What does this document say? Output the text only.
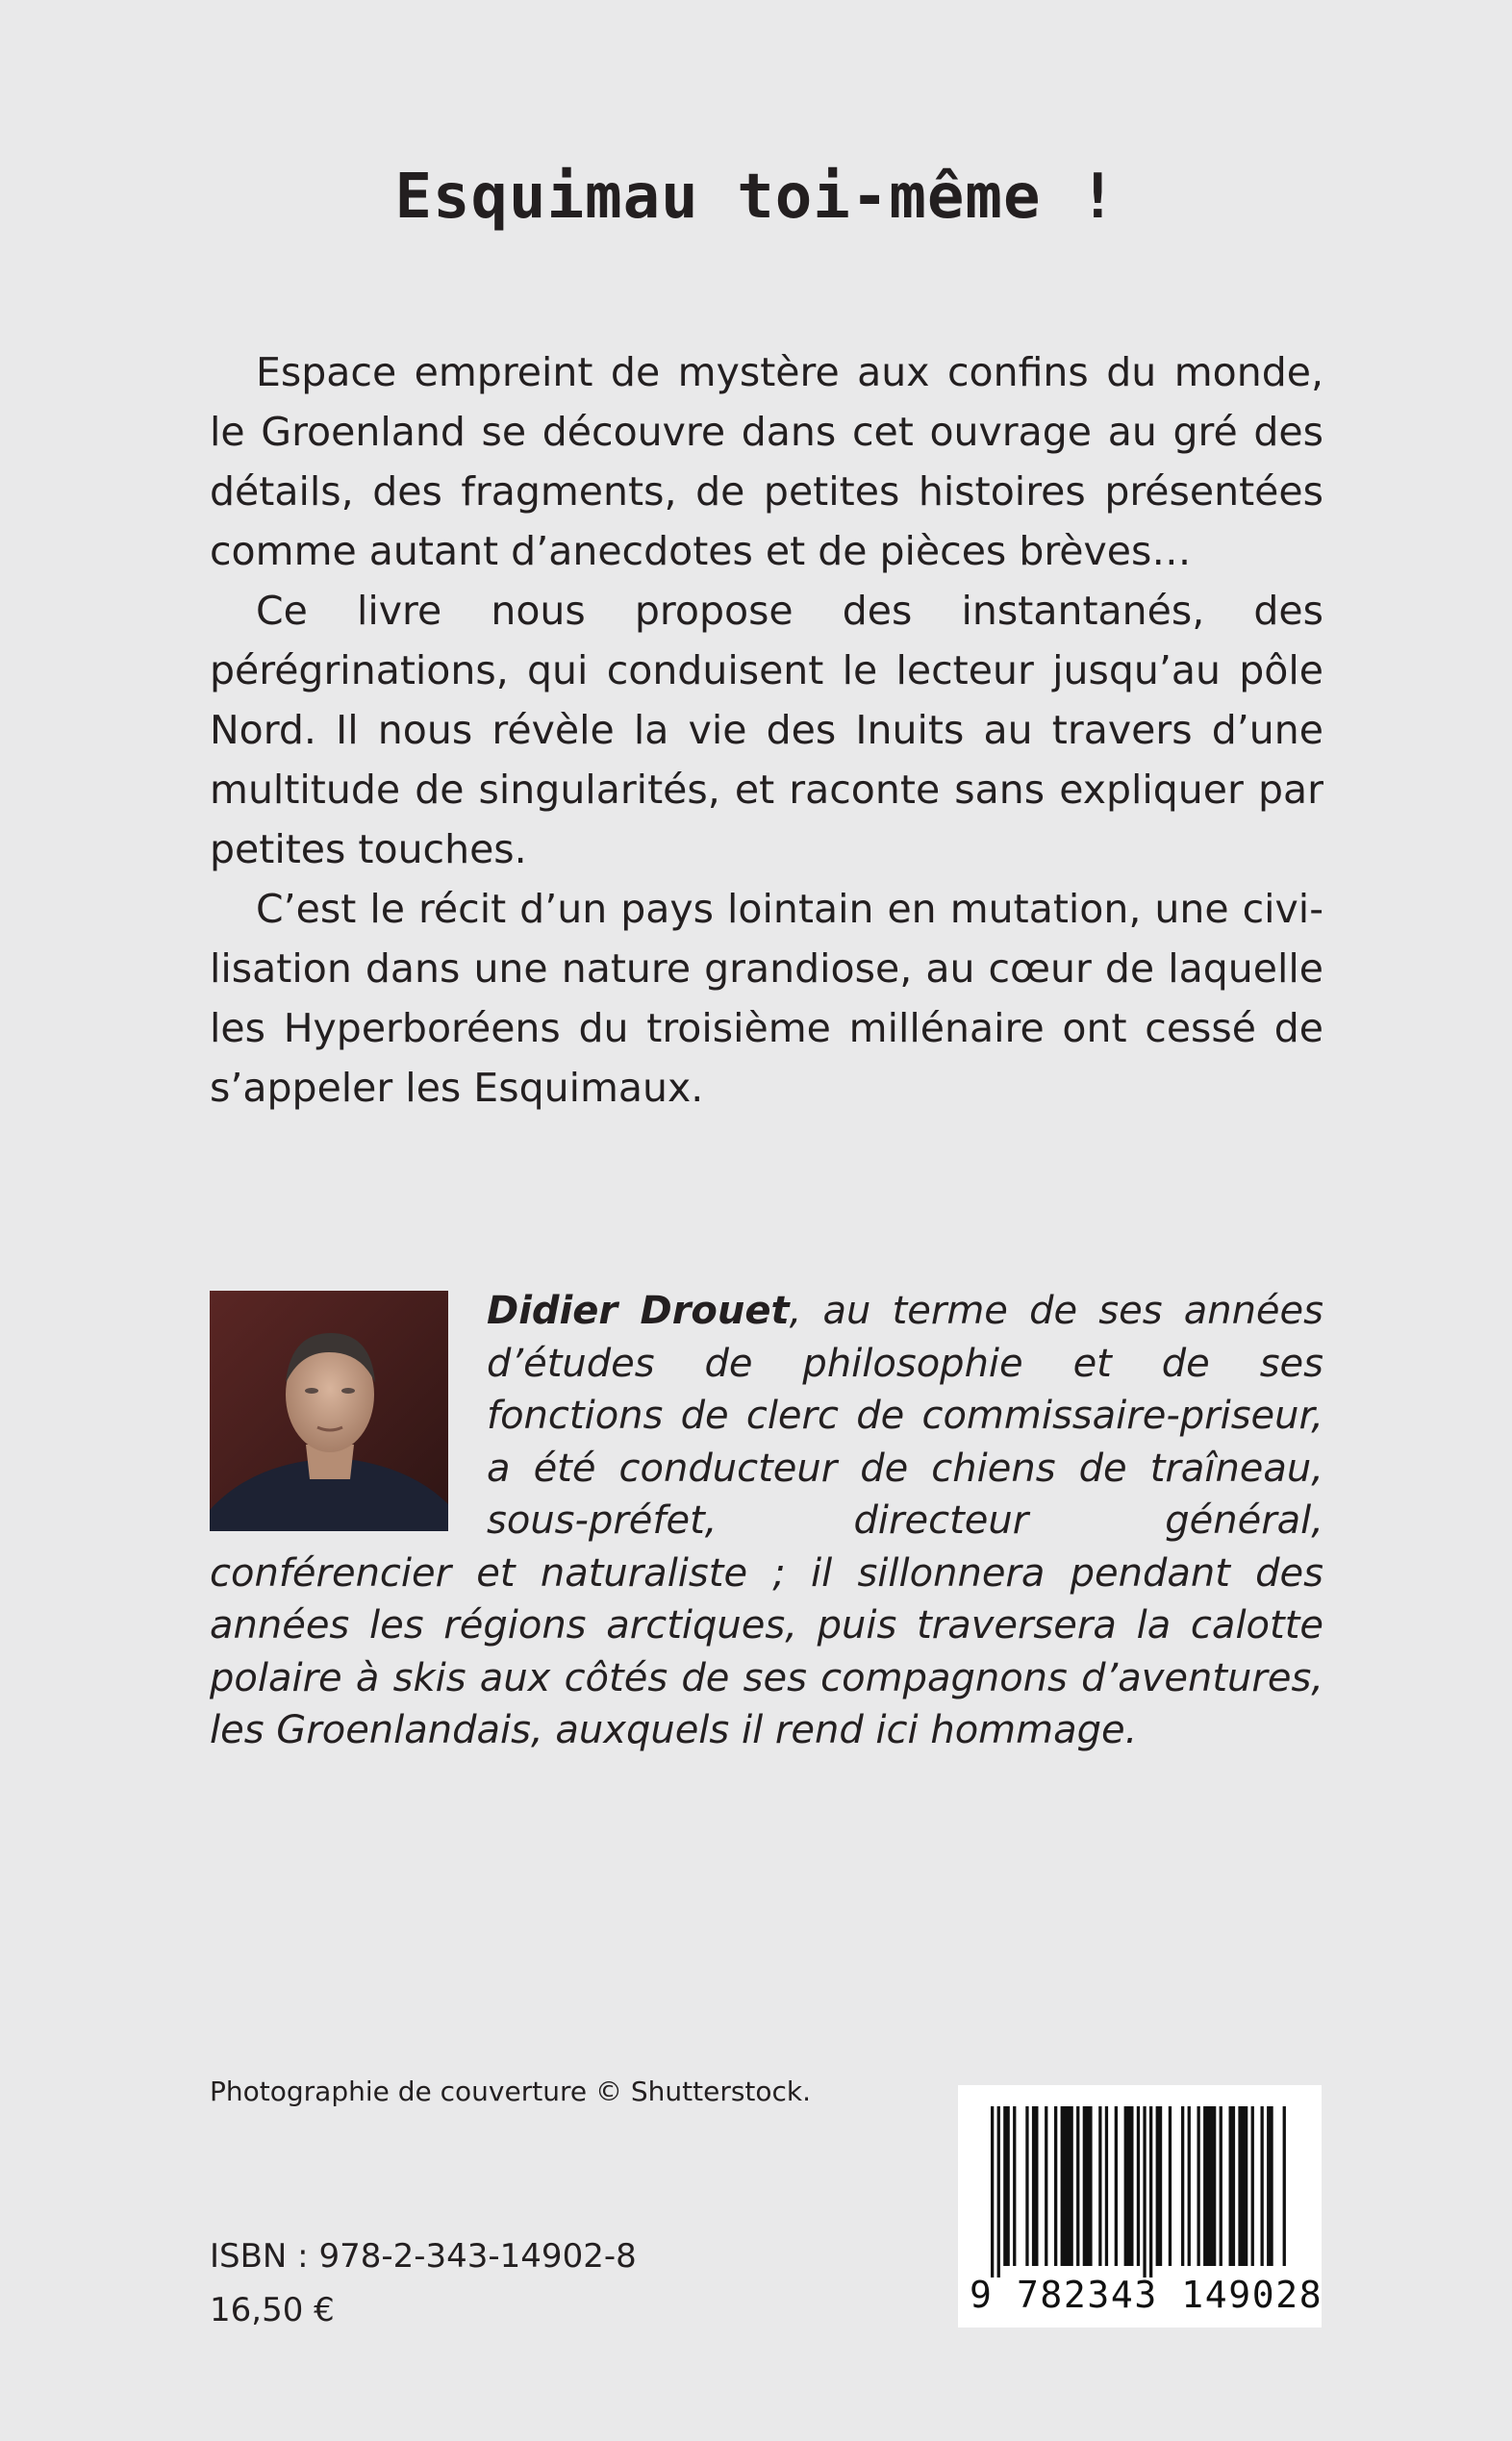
Esquimau toi-même !

Espace empreint de mystère aux confins du monde, le Groenland se découvre dans cet ouvrage au gré des détails, des fragments, de petites histoires présentées comme autant d’anecdotes et de pièces brèves…

Ce livre nous propose des instantanés, des pérégrinations, qui conduisent le lecteur jusqu’au pôle Nord. Il nous révèle la vie des Inuits au travers d’une multitude de singularités, et raconte sans expliquer par petites touches.

C’est le récit d’un pays lointain en mutation, une civilisation dans une nature grandiose, au cœur de laquelle les Hyperboréens du troisième millénaire ont cessé de s’appeler les Esquimaux.

Didier Drouet, au terme de ses années d’études de philosophie et de ses fonctions de clerc de commissaire-priseur, a été conducteur de chiens de traîneau, sous-préfet, directeur général, conférencier et naturaliste ; il sillonnera pendant des années les régions arctiques, puis traversera la calotte polaire à skis aux côtés de ses compagnons d’aventures, les Groenlandais, auxquels il rend ici hommage.
Photographie de couverture © Shutterstock.
ISBN : 978-2-343-14902-8
16,50 €	9 782343 149028
